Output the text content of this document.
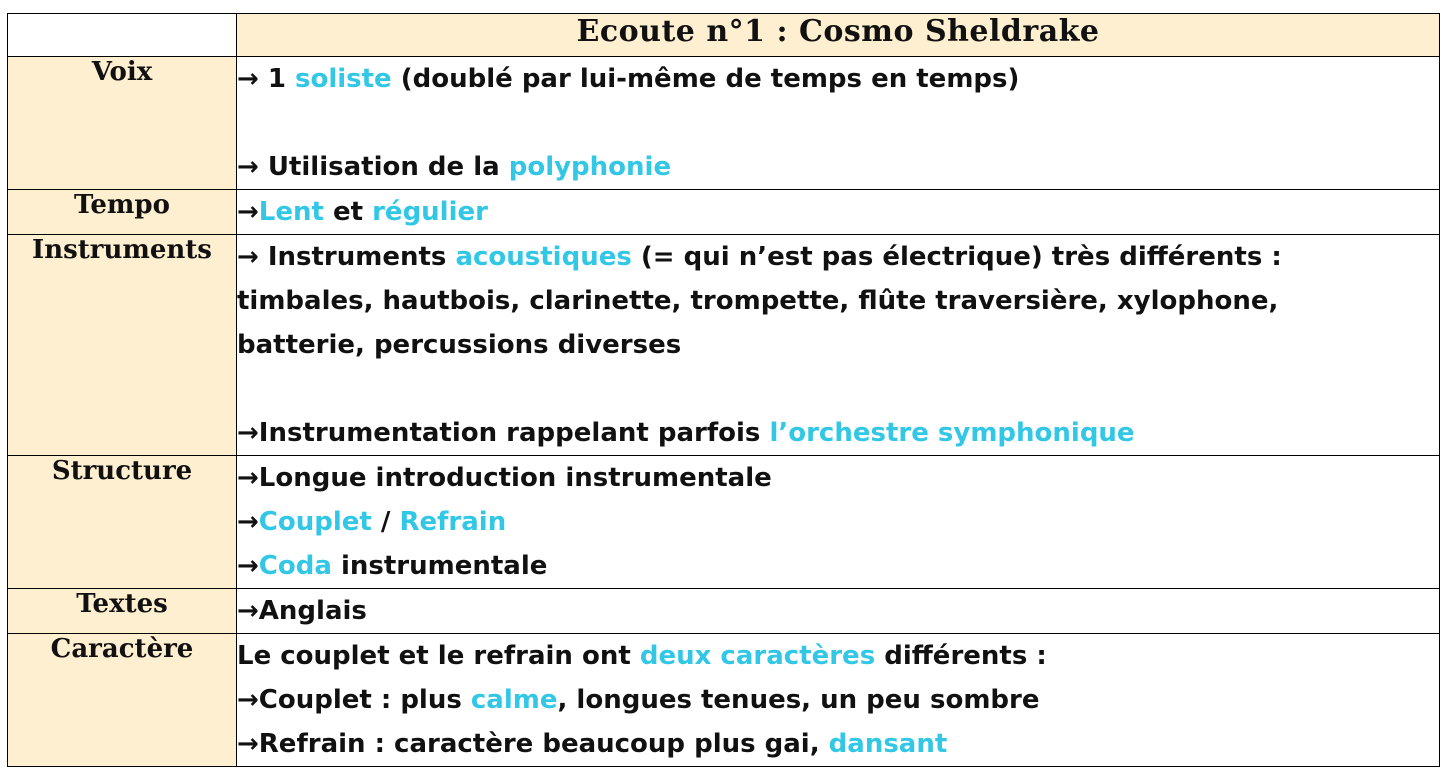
	Ecoute n°1 : Cosmo Sheldrake
Voix	→ 1 soliste (doublé par lui-même de temps en temps)
→ Utilisation de la polyphonie

Tempo	→Lent et régulier

Instruments	→ Instruments acoustiques (= qui n’est pas électrique) très différents :
timbales, hautbois, clarinette, trompette, flûte traversière, xylophone,
batterie, percussions diverses
→Instrumentation rappelant parfois l’orchestre symphonique

Structure	→Longue introduction instrumentale
→Couplet / Refrain
→Coda instrumentale

Textes	→Anglais

Caractère	Le couplet et le refrain ont deux caractères différents :
→Couplet : plus calme, longues tenues, un peu sombre
→Refrain : caractère beaucoup plus gai, dansant
